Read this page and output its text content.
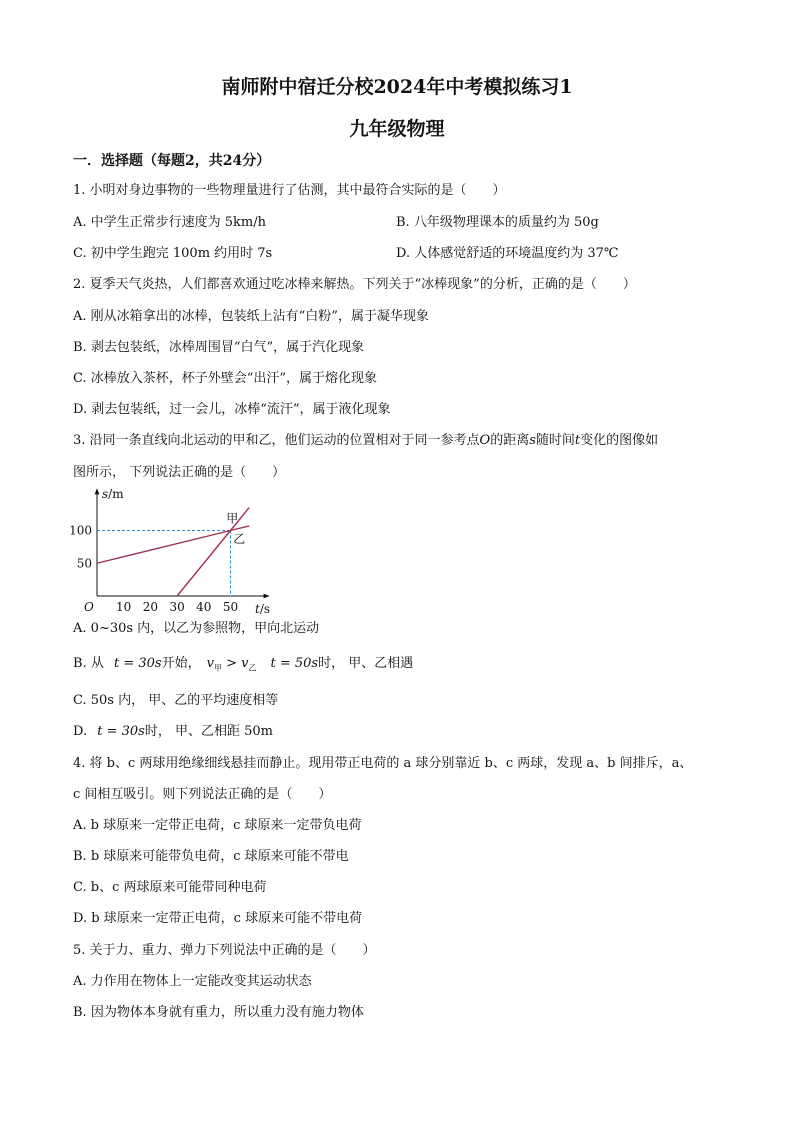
南师附中宿迁分校2024年中考模拟练习1
九年级物理
一．选择题（每题2，共24分）
1. 小明对身边事物的一些物理量进行了估测，其中最符合实际的是（　　）
A. 中学生正常步行速度为 5km/h	B. 八年级物理课本的质量约为 50g
C. 初中学生跑完 100m 约用时 7s	D. 人体感觉舒适的环境温度约为 37℃
2. 夏季天气炎热，人们都喜欢通过吃冰棒来解热。下列关于“冰棒现象”的分析，正确的是（　　）
A. 刚从冰箱拿出的冰棒，包装纸上沾有“白粉”，属于凝华现象
B. 剥去包装纸，冰棒周围冒“白气”，属于汽化现象
C. 冰棒放入茶杯，杯子外壁会“出汗”，属于熔化现象
D. 剥去包装纸，过一会儿，冰棒“流汗”，属于液化现象
3. 沿同一条直线向北运动的甲和乙，他们运动的位置相对于同一参考点O的距离s随时间t变化的图像如
图所示， 下列说法正确的是（　　）
甲
乙
10 20 30 40 50
50
100
O	t/s
s/m
A. 0~30s 内，以乙为参照物，甲向北运动
B. 从 t = 30s开始， $v_甲 > v_乙$ t = 50s时， 甲、乙相遇
C. 50s 内， 甲、乙的平均速度相等
D. t = 30s时， 甲、乙相距 50m
4. 将 b、c 两球用绝缘细线悬挂而静止。现用带正电荷的 a 球分别靠近 b、c 两球，发现 a、b 间排斥，a、
c 间相互吸引。则下列说法正确的是（　　）
A. b 球原来一定带正电荷，c 球原来一定带负电荷
B. b 球原来可能带负电荷，c 球原来可能不带电
C. b、c 两球原来可能带同种电荷
D. b 球原来一定带正电荷，c 球原来可能不带电荷
5. 关于力、重力、弹力下列说法中正确的是（　　）
A. 力作用在物体上一定能改变其运动状态
B. 因为物体本身就有重力，所以重力没有施力物体
